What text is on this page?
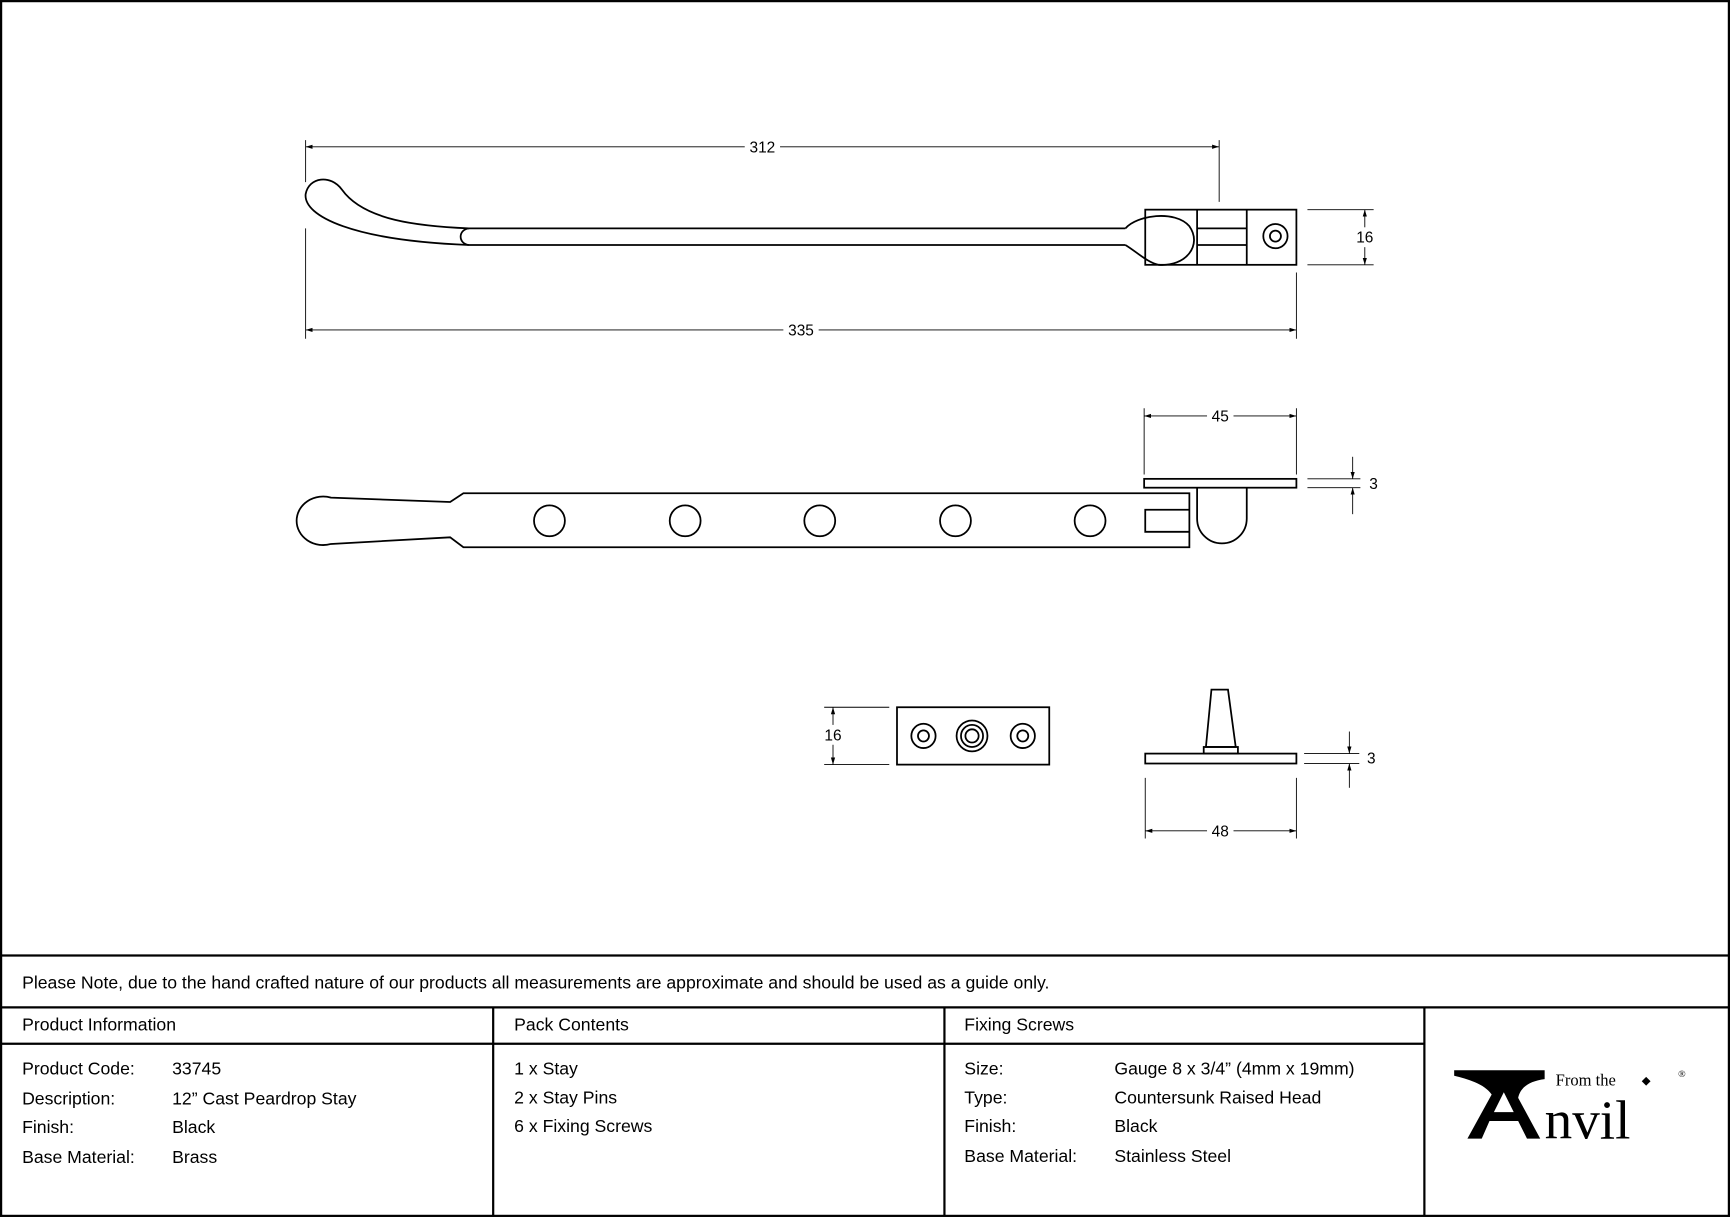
312
335
16
45
3
16
3
48
Please Note, due to the hand crafted nature of our products all measurements are approximate and should be used as a guide only.
Product Information
Product Code: 33745
Description:	12” Cast Peardrop Stay
Finish:	Black
Base Material: Brass
Pack Contents
1 x Stay
2 x Stay Pins
6 x Fixing Screws
Fixing Screws
Size:	Gauge 8 x 3/4” (4mm x 19mm)
Type:	Countersunk Raised Head
Finish:	Black
Base Material: Stainless Steel
From the
nvil
®
